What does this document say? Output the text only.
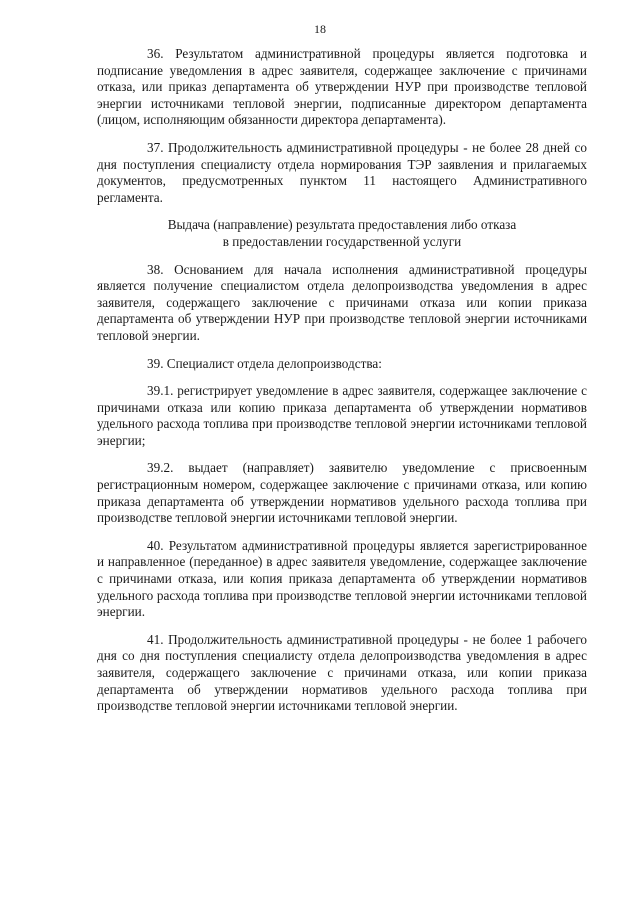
18

36. Результатом административной процедуры является подготовка и подписание уведомления в адрес заявителя, содержащее заключение с причинами отказа, или приказ департамента об утверждении НУР при производстве тепловой энергии источниками тепловой энергии, подписанные директором департамента (лицом, исполняющим обязанности директора департамента).

37. Продолжительность административной процедуры - не более 28 дней со дня поступления специалисту отдела нормирования ТЭР заявления и прилагаемых документов, предусмотренных пунктом 11 настоящего Административного регламента.

Выдача (направление) результата предоставления либо отказа
в предоставлении государственной услуги

38. Основанием для начала исполнения административной процедуры является получение специалистом отдела делопроизводства уведомления в адрес заявителя, содержащего заключение с причинами отказа или копии приказа департамента об утверждении НУР при производстве тепловой энергии источниками тепловой энергии.

39. Специалист отдела делопроизводства:

39.1. регистрирует уведомление в адрес заявителя, содержащее заключение с причинами отказа или копию приказа департамента об утверждении нормативов удельного расхода топлива при производстве тепловой энергии источниками тепловой энергии;

39.2. выдает (направляет) заявителю уведомление с присвоенным регистрационным номером, содержащее заключение с причинами отказа, или копию приказа департамента об утверждении нормативов удельного расхода топлива при производстве тепловой энергии источниками тепловой энергии.

40. Результатом административной процедуры является зарегистрированное и направленное (переданное) в адрес заявителя уведомление, содержащее заключение с причинами отказа, или копия приказа департамента об утверждении нормативов удельного расхода топлива при производстве тепловой энергии источниками тепловой энергии.

41. Продолжительность административной процедуры - не более 1 рабочего дня со дня поступления специалисту отдела делопроизводства уведомления в адрес заявителя, содержащего заключение с причинами отказа, или копии приказа департамента об утверждении нормативов удельного расхода топлива при производстве тепловой энергии источниками тепловой энергии.
